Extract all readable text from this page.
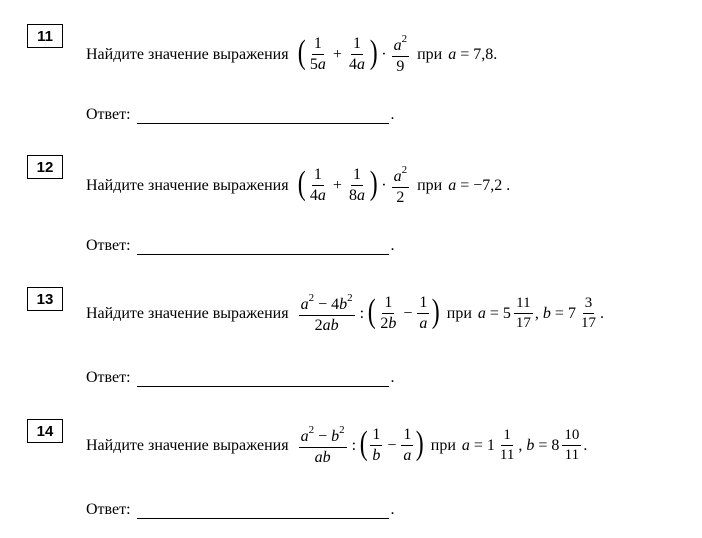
11
Найдите значение выражения ( $\frac{1}{5a} + \frac{1}{4a}$ ) · $\frac{a^2}{9}$ при a = 7,8.
Ответ:	.
12
Найдите значение выражения ( $\frac{1}{4a} + \frac{1}{8a}$ ) · $\frac{a^2}{2}$ при a = −7,2 .
Ответ:	.
13
Найдите значение выражения $\frac{a^2 - 4b^2}{2ab}$ : ( $\frac{1}{2b} - \frac{1}{a}$ ) при $a = 5 \frac{11}{17}$ , $b = 7 \frac{3}{17}$ .
Ответ:	.
14
Найдите значение выражения $\frac{a^2 - b^2}{ab}$ : ( $\frac{1}{b} - \frac{1}{a}$ ) при $a = 1 \frac{1}{11}$ , $b = 8 \frac{10}{11}$ .
Ответ:	.
